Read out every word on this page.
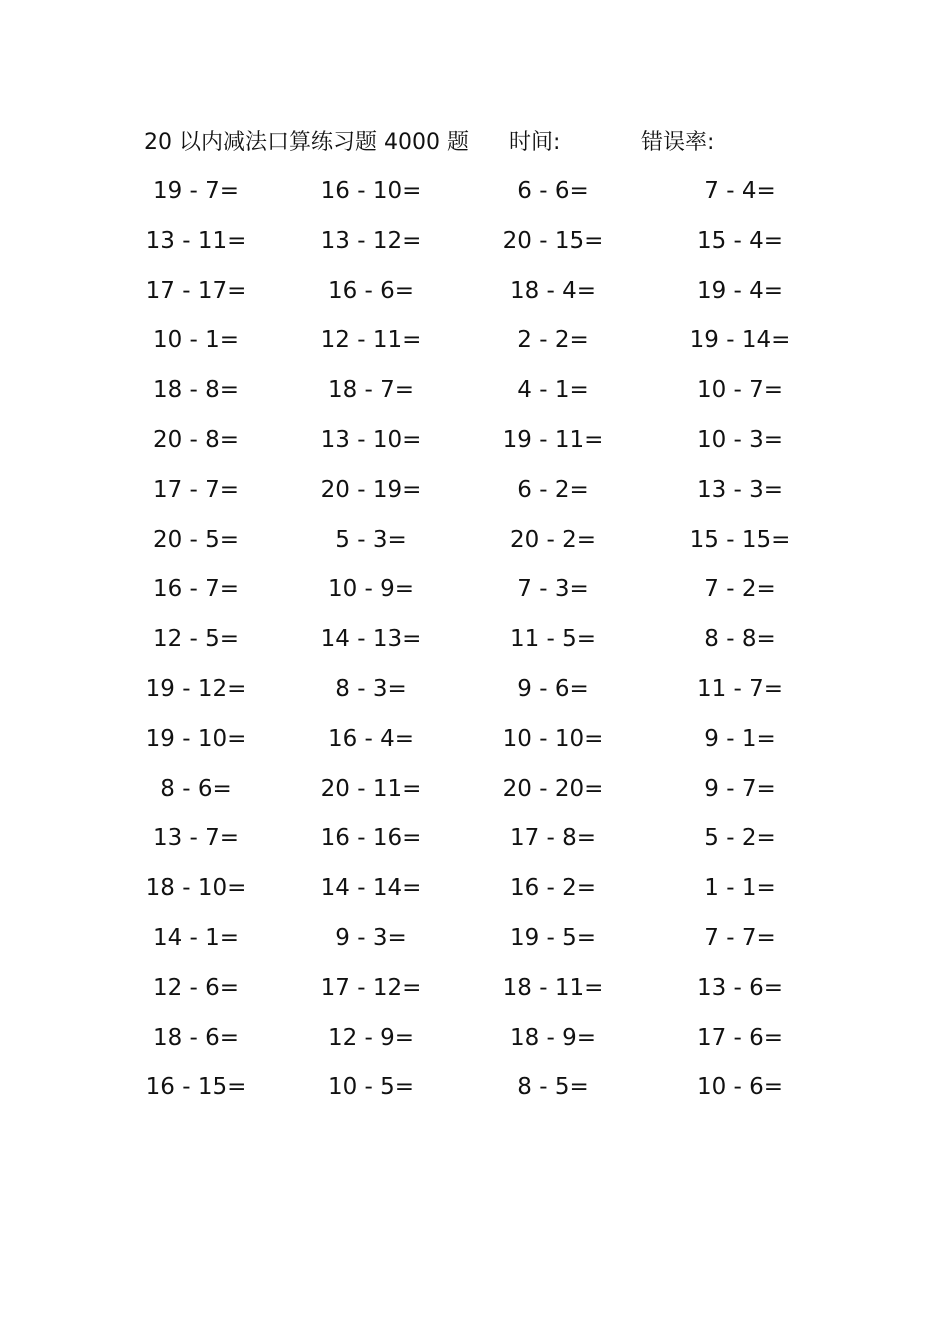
20 以内减法口算练习题 4000 题 时间:	错误率:
19 - 7=	16 - 10=	6 - 6=	7 - 4=
13 - 11=	13 - 12=	20 - 15=	15 - 4=
17 - 17=	16 - 6=	18 - 4=	19 - 4=
10 - 1=	12 - 11=	2 - 2=	19 - 14=
18 - 8=	18 - 7=	4 - 1=	10 - 7=
20 - 8=	13 - 10=	19 - 11=	10 - 3=
17 - 7=	20 - 19=	6 - 2=	13 - 3=
20 - 5=	5 - 3=	20 - 2=	15 - 15=
16 - 7=	10 - 9=	7 - 3=	7 - 2=
12 - 5=	14 - 13=	11 - 5=	8 - 8=
19 - 12=	8 - 3=	9 - 6=	11 - 7=
19 - 10=	16 - 4=	10 - 10=	9 - 1=
8 - 6=	20 - 11=	20 - 20=	9 - 7=
13 - 7=	16 - 16=	17 - 8=	5 - 2=
18 - 10=	14 - 14=	16 - 2=	1 - 1=
14 - 1=	9 - 3=	19 - 5=	7 - 7=
12 - 6=	17 - 12=	18 - 11=	13 - 6=
18 - 6=	12 - 9=	18 - 9=	17 - 6=
16 - 15=	10 - 5=	8 - 5=	10 - 6=
